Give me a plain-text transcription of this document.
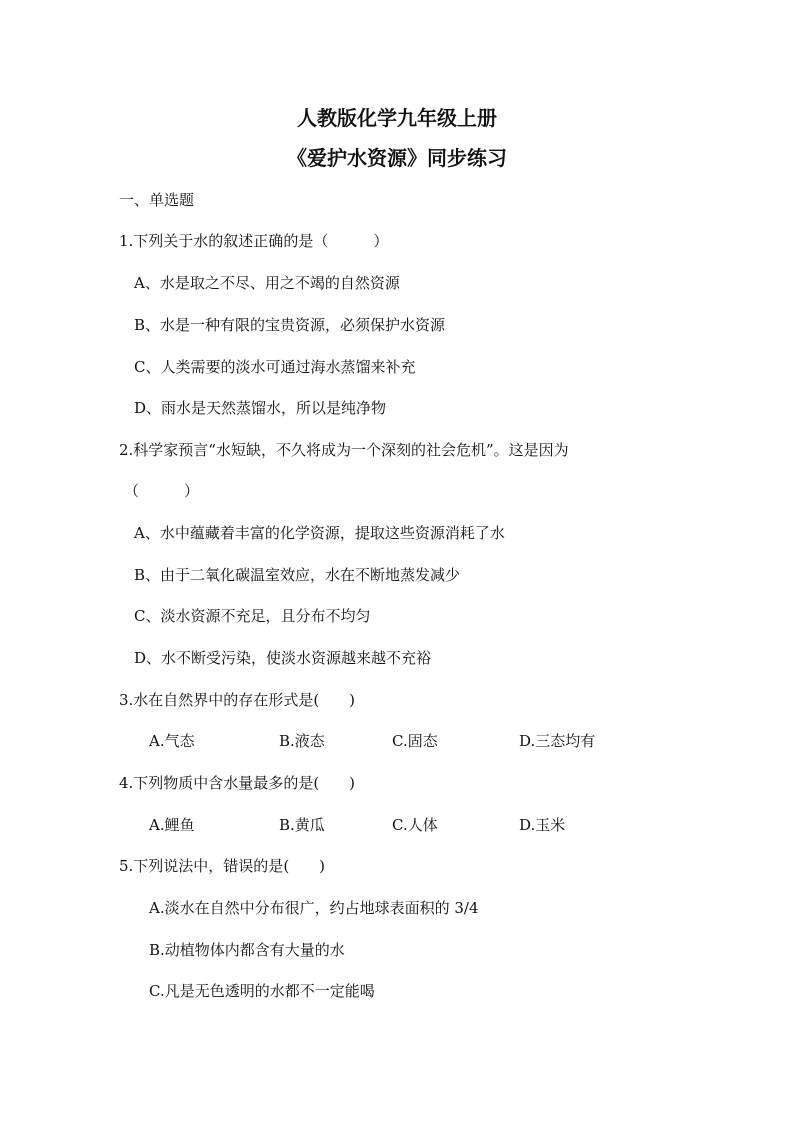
人教版化学九年级上册
《爱护水资源》同步练习
一、单选题
1.下列关于水的叙述正确的是（　　　）
A、水是取之不尽、用之不竭的自然资源
B、水是一种有限的宝贵资源，必须保护水资源
C、人类需要的淡水可通过海水蒸馏来补充
D、雨水是天然蒸馏水，所以是纯净物
2.科学家预言“水短缺，不久将成为一个深刻的社会危机”。这是因为
（　　　）
A、水中蕴藏着丰富的化学资源，提取这些资源消耗了水
B、由于二氧化碳温室效应，水在不断地蒸发减少
C、淡水资源不充足，且分布不均匀
D、水不断受污染，使淡水资源越来越不充裕
3.水在自然界中的存在形式是(　　)
A.气态	B.液态	C.固态	D.三态均有
4.下列物质中含水量最多的是(　　)
A.鲤鱼	B.黄瓜	C.人体	D.玉米
5.下列说法中，错误的是(　　)
A.淡水在自然中分布很广，约占地球表面积的 3/4
B.动植物体内都含有大量的水
C.凡是无色透明的水都不一定能喝
